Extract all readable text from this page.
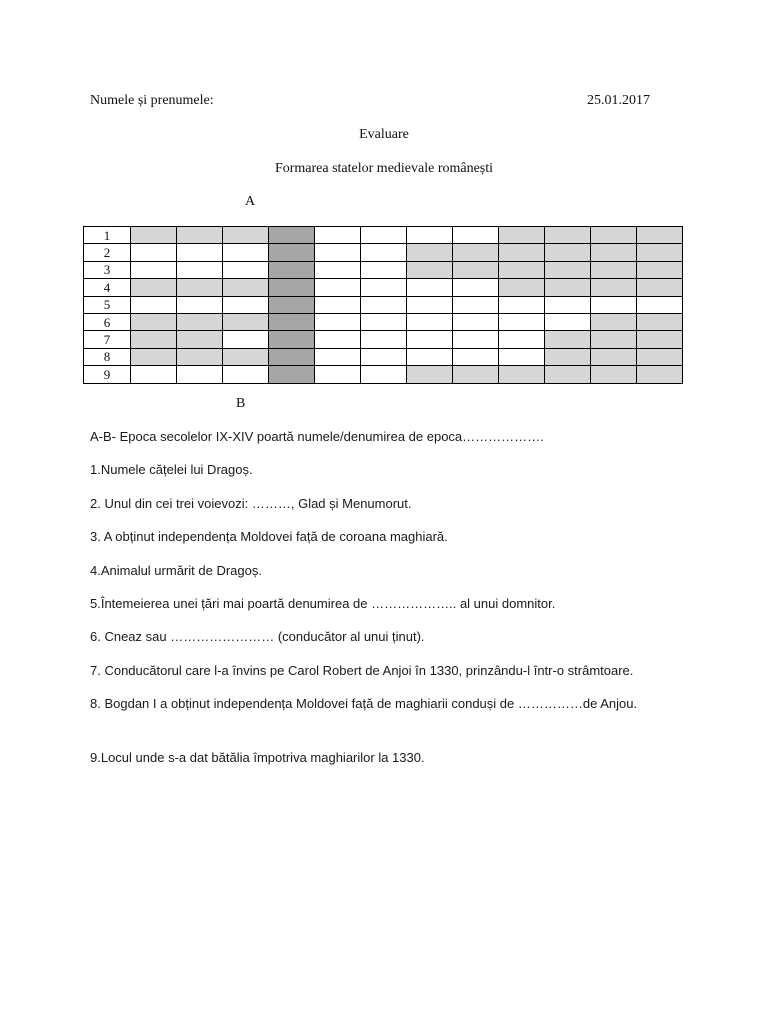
Numele și prenumele:	25.01.2017
Evaluare
Formarea statelor medievale românești
A
1												
2												
3												
4												
5												
6												
7												
8												
9												
B
A-B- Epoca secolelor IX-XIV poartă numele/denumirea de epoca……………….
1.Numele cățelei lui Dragoș.
2. Unul din cei trei voievozi: ………, Glad și Menumorut.
3. A obținut independența Moldovei față de coroana maghiară.
4.Animalul urmărit de Dragoș.
5.Întemeierea unei țări mai poartă denumirea de ……………….. al unui domnitor.
6. Cneaz sau …………………… (conducător al unui ținut).
7. Conducătorul care l-a învins pe Carol Robert de Anjoi în 1330, prinzându-l într-o strâmtoare.
8. Bogdan I a obținut independența Moldovei față de maghiarii conduși de ……………de Anjou.
9.Locul unde s-a dat bătălia împotriva maghiarilor la 1330.
